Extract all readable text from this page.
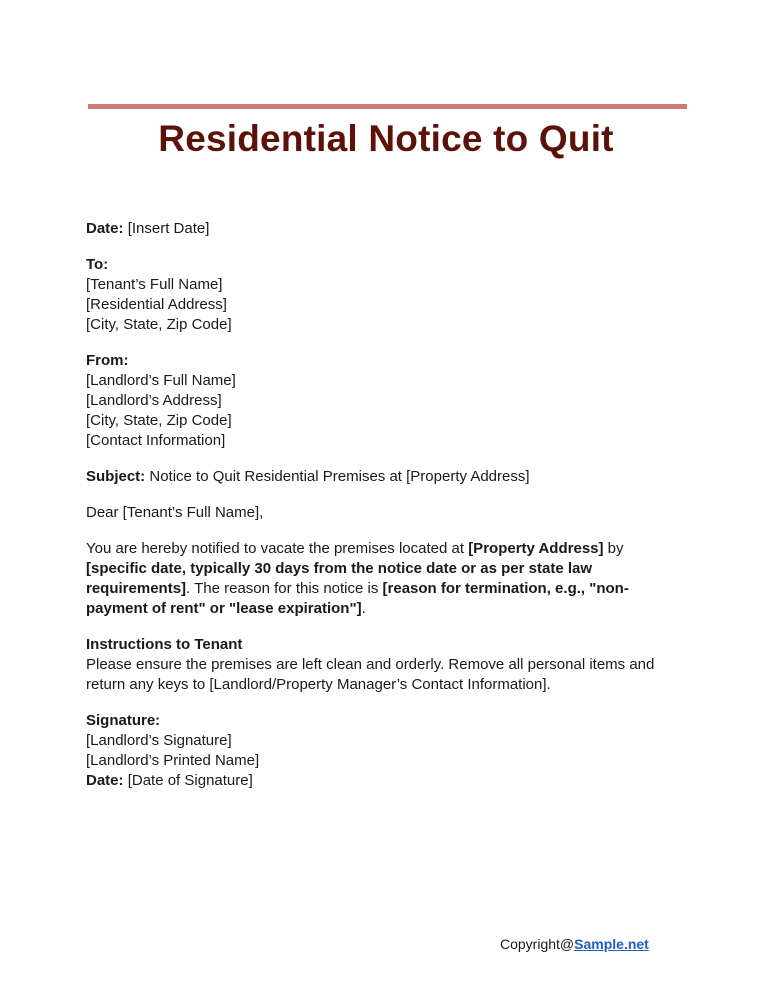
Residential Notice to Quit
Date: [Insert Date]
To:
[Tenant’s Full Name]
[Residential Address]
[City, State, Zip Code]
From:
[Landlord’s Full Name]
[Landlord’s Address]
[City, State, Zip Code]
[Contact Information]
Subject: Notice to Quit Residential Premises at [Property Address]
Dear [Tenant’s Full Name],
You are hereby notified to vacate the premises located at [Property Address] by [specific date, typically 30 days from the notice date or as per state law requirements]. The reason for this notice is [reason for termination, e.g., "non-payment of rent" or "lease expiration"].
Instructions to Tenant
Please ensure the premises are left clean and orderly. Remove all personal items and return any keys to [Landlord/Property Manager’s Contact Information].
Signature:
[Landlord’s Signature]
[Landlord’s Printed Name]
Date: [Date of Signature]
Copyright@Sample.net
